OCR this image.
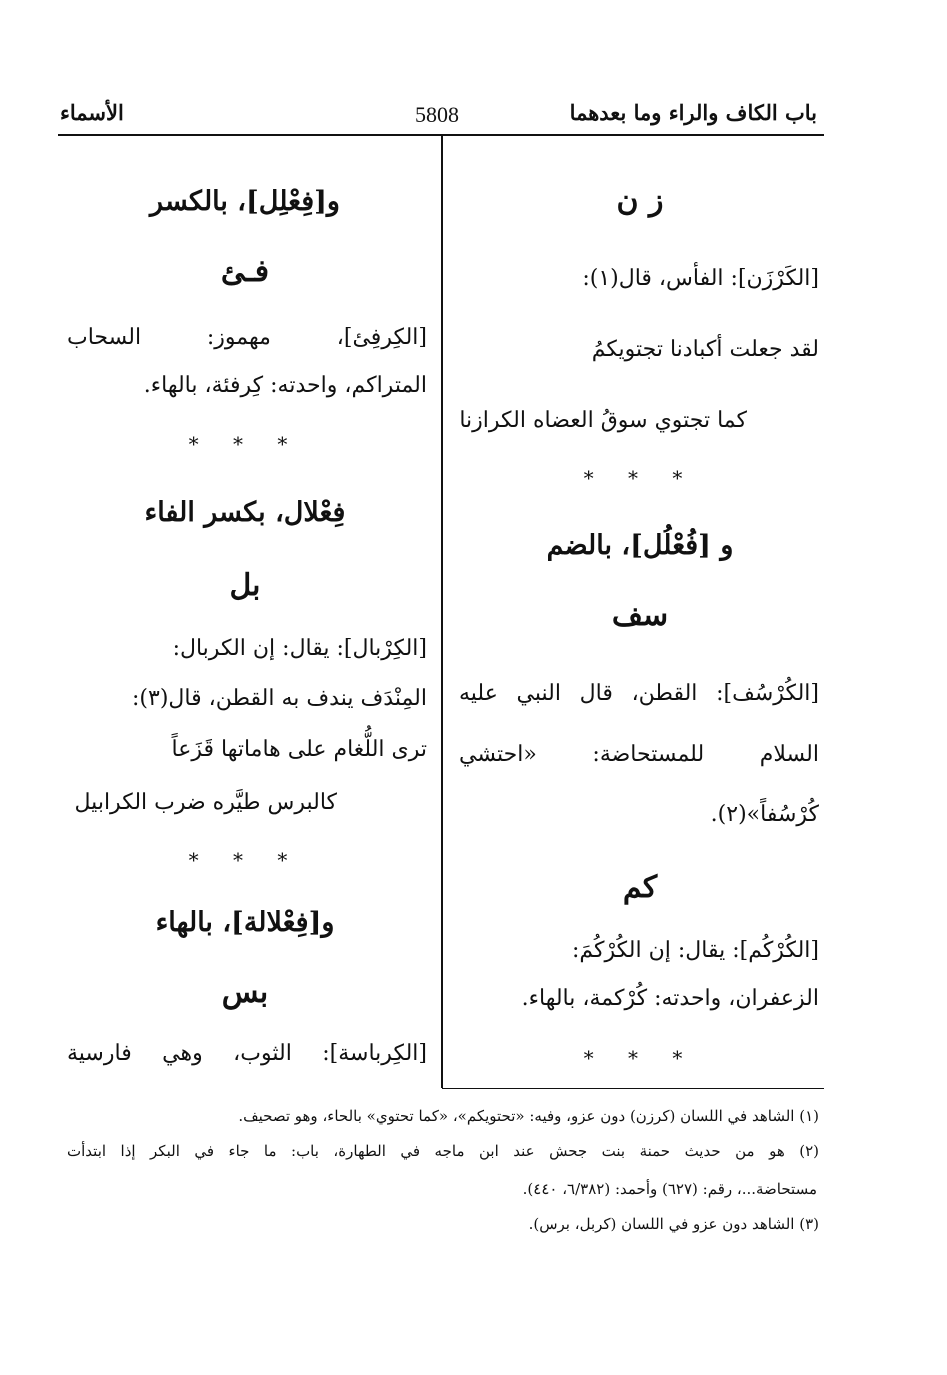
باب الكاف والراء وما بعدهما
5808
الأسماء
ز ن
[الكَرْزَن]: الفأس، قال(١):
لقد جعلت أكبادنا تجتويكمُ
كما تجتوي سوقُ العضاه الكرازنا
* * *
و [فُعْلُل]، بالضم
سف
[الكُرْسُف]: القطن، قال النبي عليه
السلام للمستحاضة: «احتشي
كُرْسُفاً»(٢).
كم
[الكُرْكُم]: يقال: إن الكُرْكُمَ:
الزعفران، واحدته: كُرْكمة، بالهاء.
* * *
و[فِعْلِل]، بالكسر
فـئ
[الكِرفِئ]، مهموز: السحاب
المتراكم، واحدته: كِرفئة، بالهاء.
* * *
فِعْلال، بكسر الفاء
بل
[الكِرْبال]: يقال: إن الكربال:
المِنْدَف يندف به القطن، قال(٣):
ترى اللُّغام على هاماتها قَزَعاً
كالبرس طيَّره ضرب الكرابيل
* * *
و[فِعْلالة]، بالهاء
بس
[الكِرباسة]: الثوب، وهي فارسية
(١) الشاهد في اللسان (كرزن) دون عزو، وفيه: «تحتويكم»، «كما تحتوي» بالحاء، وهو تصحيف.
(٢) هو من حديث حمنة بنت جحش عند ابن ماجه في الطهارة، باب: ما جاء في البكر إذا ابتدأت
مستحاضة...، رقم: (٦٢٧) وأحمد: (٦/٣٨٢، ٤٤٠).
(٣) الشاهد دون عزو في اللسان (كربل، برس).
